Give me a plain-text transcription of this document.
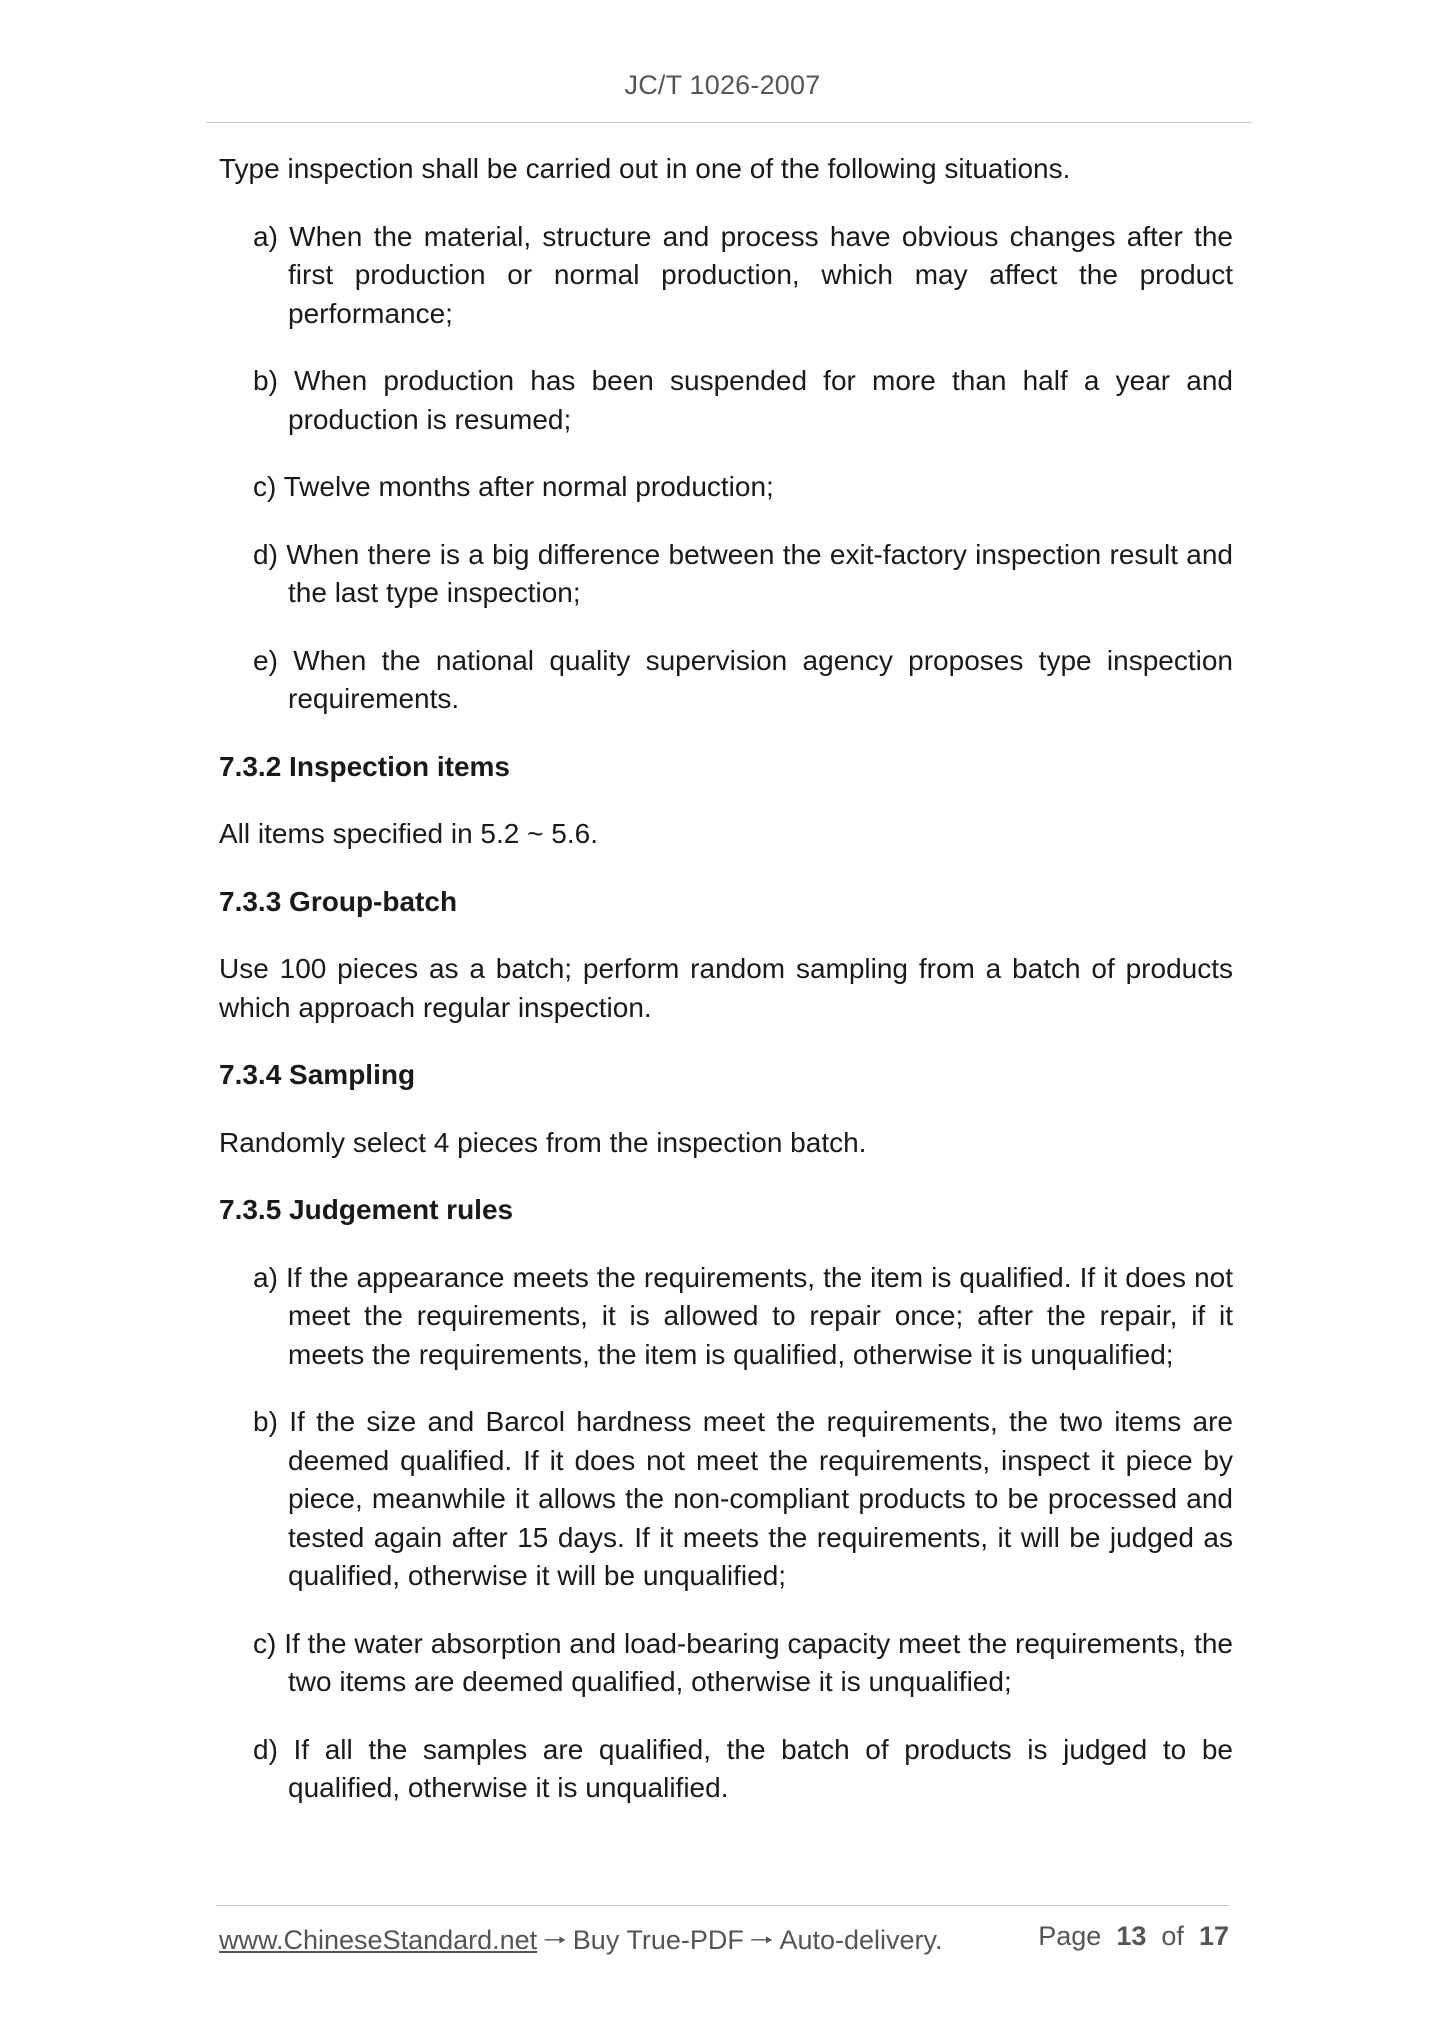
JC/T 1026-2007

Type inspection shall be carried out in one of the following situations.

a) When the material, structure and process have obvious changes after the first production or normal production, which may affect the product performance;
b) When production has been suspended for more than half a year and production is resumed;
c) Twelve months after normal production;
d) When there is a big difference between the exit-factory inspection result and the last type inspection;
e) When the national quality supervision agency proposes type inspection requirements.

7.3.2 Inspection items

All items specified in 5.2 ~ 5.6.

7.3.3 Group-batch

Use 100 pieces as a batch; perform random sampling from a batch of products which approach regular inspection.

7.3.4 Sampling

Randomly select 4 pieces from the inspection batch.

7.3.5 Judgement rules

a) If the appearance meets the requirements, the item is qualified. If it does not meet the requirements, it is allowed to repair once; after the repair, if it meets the requirements, the item is qualified, otherwise it is unqualified;
b) If the size and Barcol hardness meet the requirements, the two items are deemed qualified. If it does not meet the requirements, inspect it piece by piece, meanwhile it allows the non-compliant products to be processed and tested again after 15 days. If it meets the requirements, it will be judged as qualified, otherwise it will be unqualified;
c) If the water absorption and load-bearing capacity meet the requirements, the two items are deemed qualified, otherwise it is unqualified;
d) If all the samples are qualified, the batch of products is judged to be qualified, otherwise it is unqualified.
www.ChineseStandard.net 🠒 Buy True-PDF 🠒 Auto-delivery.	Page 13 of 17
